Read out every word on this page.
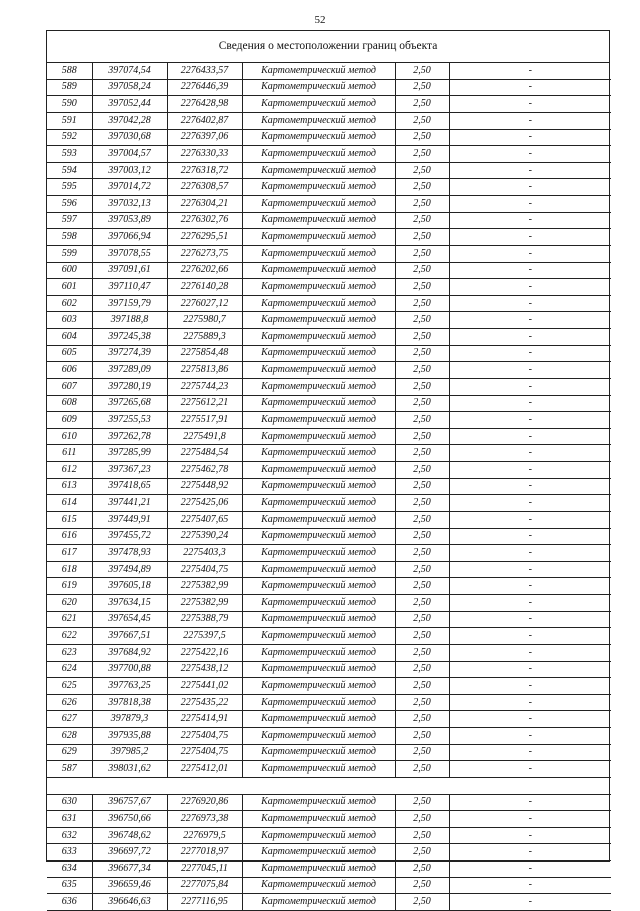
52
Сведения о местоположении границ объекта
588	397074,54	2276433,57	Картометрический метод	2,50	-
589	397058,24	2276446,39	Картометрический метод	2,50	-
590	397052,44	2276428,98	Картометрический метод	2,50	-
591	397042,28	2276402,87	Картометрический метод	2,50	-
592	397030,68	2276397,06	Картометрический метод	2,50	-
593	397004,57	2276330,33	Картометрический метод	2,50	-
594	397003,12	2276318,72	Картометрический метод	2,50	-
595	397014,72	2276308,57	Картометрический метод	2,50	-
596	397032,13	2276304,21	Картометрический метод	2,50	-
597	397053,89	2276302,76	Картометрический метод	2,50	-
598	397066,94	2276295,51	Картометрический метод	2,50	-
599	397078,55	2276273,75	Картометрический метод	2,50	-
600	397091,61	2276202,66	Картометрический метод	2,50	-
601	397110,47	2276140,28	Картометрический метод	2,50	-
602	397159,79	2276027,12	Картометрический метод	2,50	-
603	397188,8	2275980,7	Картометрический метод	2,50	-
604	397245,38	2275889,3	Картометрический метод	2,50	-
605	397274,39	2275854,48	Картометрический метод	2,50	-
606	397289,09	2275813,86	Картометрический метод	2,50	-
607	397280,19	2275744,23	Картометрический метод	2,50	-
608	397265,68	2275612,21	Картометрический метод	2,50	-
609	397255,53	2275517,91	Картометрический метод	2,50	-
610	397262,78	2275491,8	Картометрический метод	2,50	-
611	397285,99	2275484,54	Картометрический метод	2,50	-
612	397367,23	2275462,78	Картометрический метод	2,50	-
613	397418,65	2275448,92	Картометрический метод	2,50	-
614	397441,21	2275425,06	Картометрический метод	2,50	-
615	397449,91	2275407,65	Картометрический метод	2,50	-
616	397455,72	2275390,24	Картометрический метод	2,50	-
617	397478,93	2275403,3	Картометрический метод	2,50	-
618	397494,89	2275404,75	Картометрический метод	2,50	-
619	397605,18	2275382,99	Картометрический метод	2,50	-
620	397634,15	2275382,99	Картометрический метод	2,50	-
621	397654,45	2275388,79	Картометрический метод	2,50	-
622	397667,51	2275397,5	Картометрический метод	2,50	-
623	397684,92	2275422,16	Картометрический метод	2,50	-
624	397700,88	2275438,12	Картометрический метод	2,50	-
625	397763,25	2275441,02	Картометрический метод	2,50	-
626	397818,38	2275435,22	Картометрический метод	2,50	-
627	397879,3	2275414,91	Картометрический метод	2,50	-
628	397935,88	2275404,75	Картометрический метод	2,50	-
629	397985,2	2275404,75	Картометрический метод	2,50	-
587	398031,62	2275412,01	Картометрический метод	2,50	-

630	396757,67	2276920,86	Картометрический метод	2,50	-
631	396750,66	2276973,38	Картометрический метод	2,50	-
632	396748,62	2276979,5	Картометрический метод	2,50	-
633	396697,72	2277018,97	Картометрический метод	2,50	-
634	396677,34	2277045,11	Картометрический метод	2,50	-
635	396659,46	2277075,84	Картометрический метод	2,50	-
636	396646,63	2277116,95	Картометрический метод	2,50	-
